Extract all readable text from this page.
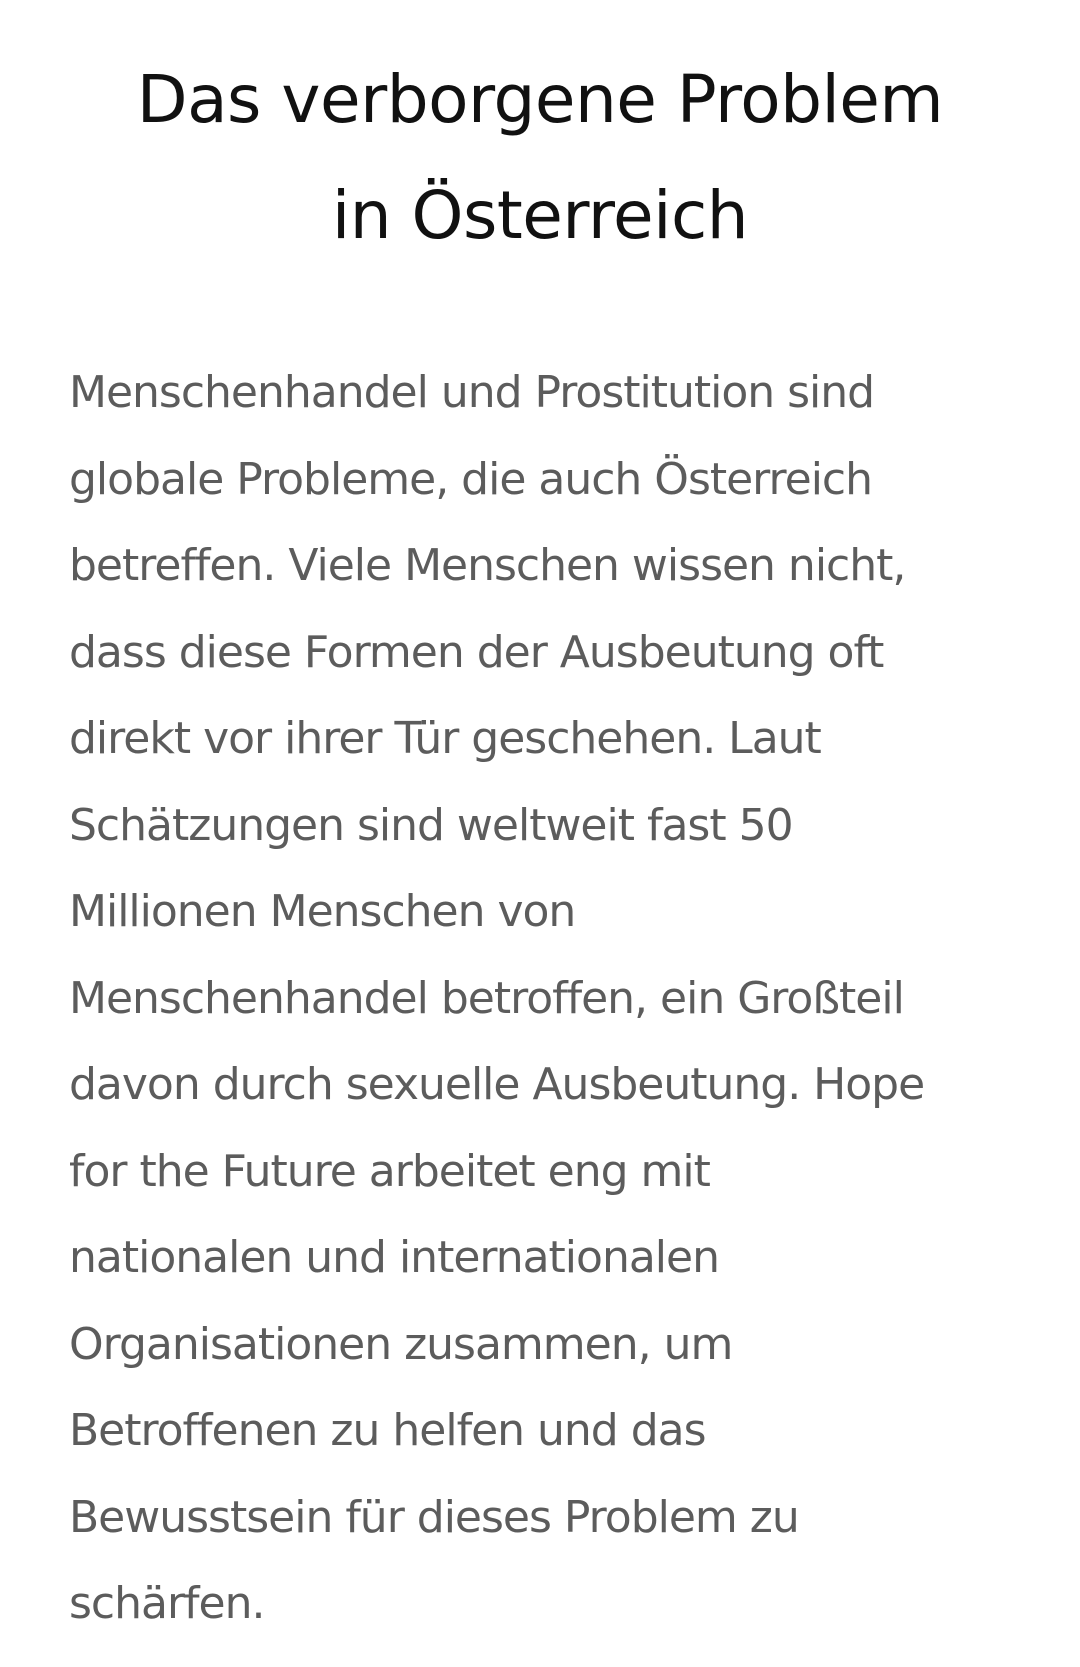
Das verborgene Problem
in Österreich

Menschenhandel und Prostitution sind
globale Probleme, die auch Österreich
betreffen. Viele Menschen wissen nicht,
dass diese Formen der Ausbeutung oft
direkt vor ihrer Tür geschehen. Laut
Schätzungen sind weltweit fast 50
Millionen Menschen von
Menschenhandel betroffen, ein Großteil
davon durch sexuelle Ausbeutung. Hope
for the Future arbeitet eng mit
nationalen und internationalen
Organisationen zusammen, um
Betroffenen zu helfen und das
Bewusstsein für dieses Problem zu
schärfen.
